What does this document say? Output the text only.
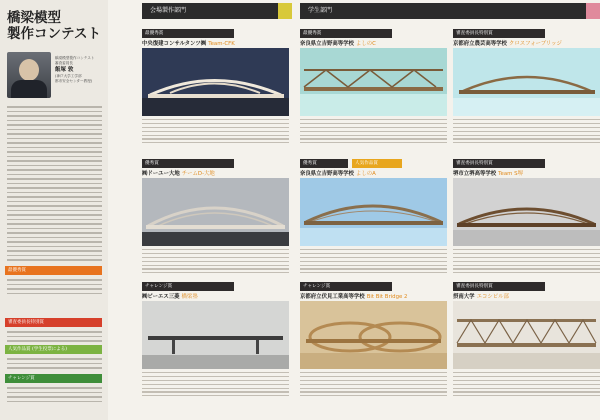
橋梁模型
製作コンテスト
橋梁模型製作コンテスト
審査委員長
飯塚 敦
(神戸大学工学部
都市安全センター教授)
最優秀賞
審査委員長特別賞
人気作品賞 (学生投票による)
チャレンジ賞
会場製作部門	学生部門
最優秀賞
中央復建コンサルタンツ㈱ Team-CFK
優秀賞
㈱ドーユー大地 チームD-大地
チャレンジ賞
㈱ビーエス三菱 橋梁塾
最優秀賞
奈良県立吉野高等学校 よしのC
優秀賞	人気作品賞
奈良県立吉野高等学校 よしのA
チャレンジ賞
京都府立伏見工業高等学校 Bit Bit Bridge 2
審査委員長特別賞
京都府立農芸高等学校 クロスフォーブリッジ
審査委員長特別賞
堺市立堺高等学校 Team S堺
審査委員長特別賞
摂南大学 エコシビル部
